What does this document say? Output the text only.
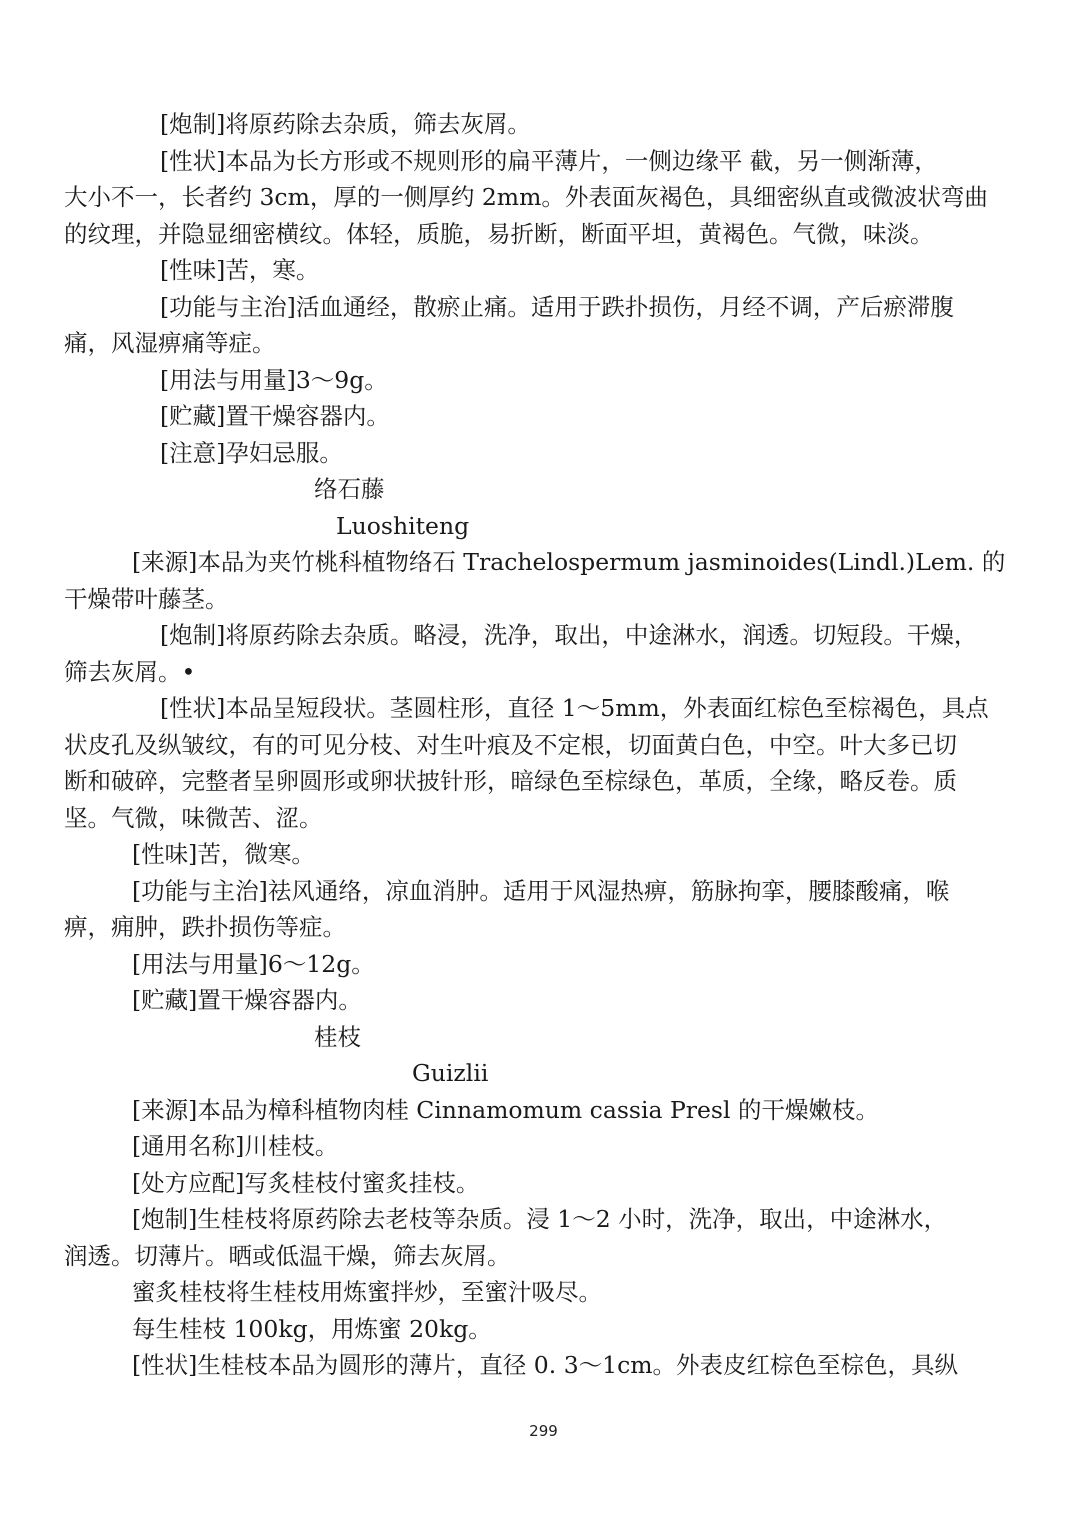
[炮制]将原药除去杂质，筛去灰屑。
[性状]本品为长方形或不规则形的扁平薄片，一侧边缘平 截，另一侧渐薄，
大小不一，长者约 3cm，厚的一侧厚约 2mm。外表面灰褐色，具细密纵直或微波状弯曲
的纹理，并隐显细密横纹。体轻，质脆，易折断，断面平坦，黄褐色。气微，味淡。
[性味]苦，寒。
[功能与主治]活血通经，散瘀止痛。适用于跌扑损伤，月经不调，产后瘀滞腹
痛，风湿痹痛等症。
[用法与用量]3～9g。
[贮藏]置干燥容器内。
[注意]孕妇忌服。
络石藤
Luoshiteng
[来源]本品为夹竹桃科植物络石 Trachelospermum jasminoides(Lindl.)Lem. 的
干燥带叶藤茎。
[炮制]将原药除去杂质。略浸，洗净，取出，中途淋水，润透。切短段。干燥，
筛去灰屑。•
[性状]本品呈短段状。茎圆柱形，直径 1～5mm，外表面红棕色至棕褐色，具点
状皮孔及纵皱纹，有的可见分枝、对生叶痕及不定根，切面黄白色，中空。叶大多已切
断和破碎，完整者呈卵圆形或卵状披针形，暗绿色至棕绿色，革质，全缘，略反卷。质
坚。气微，味微苦、涩。
[性味]苦，微寒。
[功能与主治]祛风通络，凉血消肿。适用于风湿热痹，筋脉拘挛，腰膝酸痛，喉
痹，痈肿，跌扑损伤等症。
[用法与用量]6～12g。
[贮藏]置干燥容器内。
桂枝
Guizlii
[来源]本品为樟科植物肉桂 Cinnamomum cassia Presl 的干燥嫩枝。
[通用名称]川桂枝。
[处方应配]写炙桂枝付蜜炙挂枝。
[炮制]生桂枝将原药除去老枝等杂质。浸 1～2 小时，洗净，取出，中途淋水，
润透。切薄片。晒或低温干燥，筛去灰屑。
蜜炙桂枝将生桂枝用炼蜜拌炒，至蜜汁吸尽。
每生桂枝 100kg，用炼蜜 20kg。
[性状]生桂枝本品为圆形的薄片，直径 0. 3～1cm。外表皮红棕色至棕色，具纵
299
